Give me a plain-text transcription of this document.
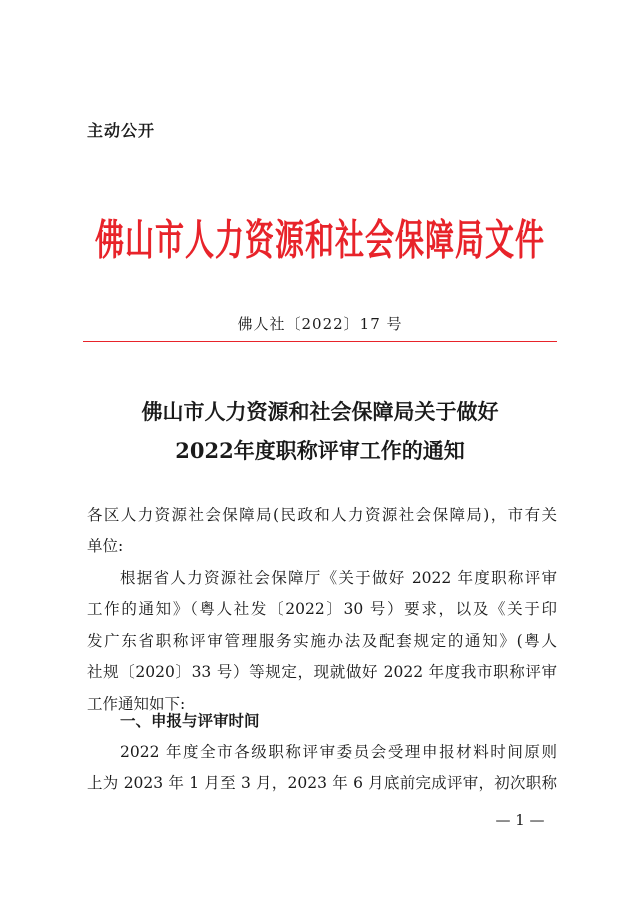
主动公开
佛山市人力资源和社会保障局文件
佛人社〔2022〕17 号
佛山市人力资源和社会保障局关于做好
2022年度职称评审工作的通知
各区人力资源社会保障局(民政和人力资源社会保障局)，市有关
单位:
根据省人力资源社会保障厅《关于做好 2022 年度职称评审
工作的通知》（粤人社发〔2022〕30 号）要求，以及《关于印
发广东省职称评审管理服务实施办法及配套规定的通知》(粤人
社规〔2020〕33 号）等规定，现就做好 2022 年度我市职称评审
工作通知如下:
一、申报与评审时间
2022 年度全市各级职称评审委员会受理申报材料时间原则
上为 2023 年 1 月至 3 月，2023 年 6 月底前完成评审，初次职称
— 1 —
